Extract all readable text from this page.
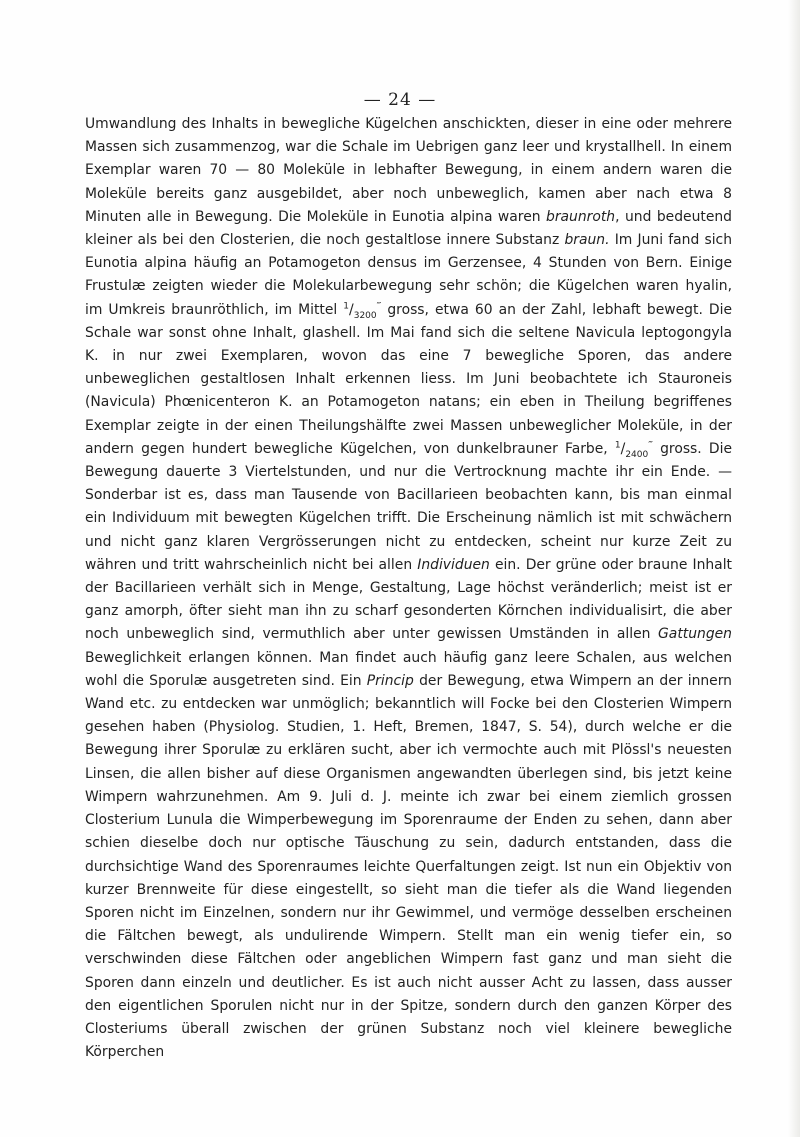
— 24 —

Umwandlung des Inhalts in bewegliche Kügelchen anschickten, dieser in eine oder mehrere Massen sich zusammenzog, war die Schale im Uebrigen ganz leer und krystallhell. In einem Exemplar waren 70 — 80 Moleküle in lebhafter Bewegung, in einem andern waren die Moleküle bereits ganz ausgebildet, aber noch unbeweglich, kamen aber nach etwa 8 Minuten alle in Bewegung. Die Moleküle in Eunotia alpina waren braunroth, und bedeutend kleiner als bei den Closterien, die noch gestaltlose innere Substanz braun. Im Juni fand sich Eunotia alpina häufig an Potamogeton densus im Gerzensee, 4 Stunden von Bern. Einige Frustulæ zeigten wieder die Molekularbewegung sehr schön; die Kügelchen waren hyalin, im Umkreis braunröthlich, im Mittel $^1/_{3200}^‴$ gross, etwa 60 an der Zahl, lebhaft bewegt. Die Schale war sonst ohne Inhalt, glashell. Im Mai fand sich die seltene Navicula leptogongyla K. in nur zwei Exemplaren, wovon das eine 7 bewegliche Sporen, das andere unbeweglichen gestaltlosen Inhalt erkennen liess. Im Juni beobachtete ich Stauroneis (Navicula) Phœnicenteron K. an Potamogeton natans; ein eben in Theilung begriffenes Exemplar zeigte in der einen Theilungshälfte zwei Massen unbeweglicher Moleküle, in der andern gegen hundert bewegliche Kügelchen, von dunkelbrauner Farbe, $^1/_{2400}^‴$ gross. Die Bewegung dauerte 3 Viertelstunden, und nur die Vertrocknung machte ihr ein Ende. — Sonderbar ist es, dass man Tausende von Bacillarieen beobachten kann, bis man einmal ein Individuum mit bewegten Kügelchen trifft. Die Erscheinung nämlich ist mit schwächern und nicht ganz klaren Vergrösserungen nicht zu entdecken, scheint nur kurze Zeit zu währen und tritt wahrscheinlich nicht bei allen Individuen ein. Der grüne oder braune Inhalt der Bacillarieen verhält sich in Menge, Gestaltung, Lage höchst veränderlich; meist ist er ganz amorph, öfter sieht man ihn zu scharf gesonderten Körnchen individualisirt, die aber noch unbeweglich sind, vermuthlich aber unter gewissen Umständen in allen Gattungen Beweglichkeit erlangen können. Man findet auch häufig ganz leere Schalen, aus welchen wohl die Sporulæ ausgetreten sind. Ein Princip der Bewegung, etwa Wimpern an der innern Wand etc. zu entdecken war unmöglich; bekanntlich will Focke bei den Closterien Wimpern gesehen haben (Physiolog. Studien, 1. Heft, Bremen, 1847, S. 54), durch welche er die Bewegung ihrer Sporulæ zu erklären sucht, aber ich vermochte auch mit Plössl's neuesten Linsen, die allen bisher auf diese Organismen angewandten überlegen sind, bis jetzt keine Wimpern wahrzunehmen. Am 9. Juli d. J. meinte ich zwar bei einem ziemlich grossen Closterium Lunula die Wimperbewegung im Sporenraume der Enden zu sehen, dann aber schien dieselbe doch nur optische Täuschung zu sein, dadurch entstanden, dass die durchsichtige Wand des Sporenraumes leichte Querfaltungen zeigt. Ist nun ein Objektiv von kurzer Brennweite für diese eingestellt, so sieht man die tiefer als die Wand liegenden Sporen nicht im Einzelnen, sondern nur ihr Gewimmel, und vermöge desselben erscheinen die Fältchen bewegt, als undulirende Wimpern. Stellt man ein wenig tiefer ein, so verschwinden diese Fältchen oder angeblichen Wimpern fast ganz und man sieht die Sporen dann einzeln und deutlicher. Es ist auch nicht ausser Acht zu lassen, dass ausser den eigentlichen Sporulen nicht nur in der Spitze, sondern durch den ganzen Körper des Closteriums überall zwischen der grünen Substanz noch viel kleinere bewegliche Körperchen
